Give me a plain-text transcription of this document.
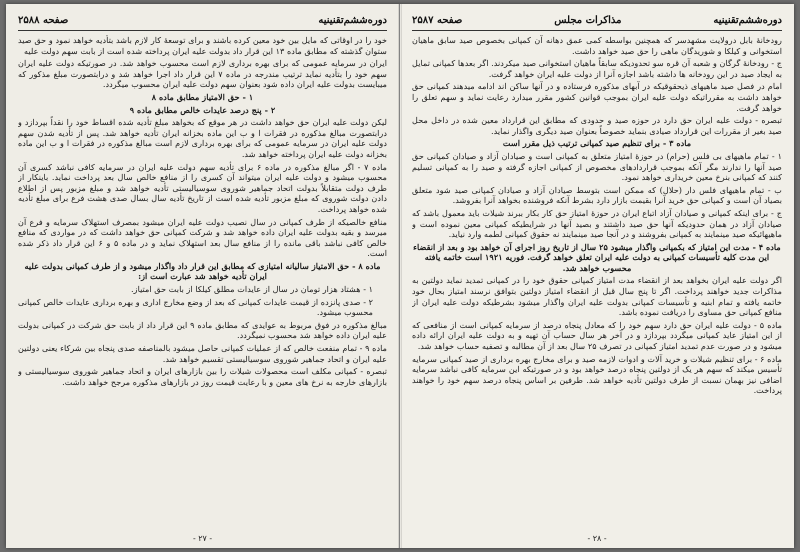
دوره‌ششم‌تقنینیه
صفحه ۲۵۸۸

خود را در اوقاتی که مایل بین خود معین کرده باشند و برای توسعهٔ کار لازم باشد بتأدیه خواهد نمود و حق صید ستوان گذشته که مطابق ماده ۱۳ این قرار داد بدولت علیه ایران پرداخته شده است از بابت سهم دولت علیه

ایران در سرمایه عمومی که برای بهره برداری لازم است محسوب خواهد شد. در صورتیکه دولت علیه ایران سهم خود را بتأدیه نماید ترتیب مندرجه در ماده ۷ این قرار داد اجرا خواهد شد و درابتصورت مبلغ مذکور که میبایست بدولت علیه ایران داده شود بعنوان سهم دولت علیه ایران محسوب میگردد.

۱ - حق الامتیاز مطابق ماده ۸

۲ - پنج درصد عایدات خالص مطابق ماده ۹

لیکن دولت علیه ایران حق خواهد داشت در هر موقع که بخواهد مبلغ تأدیه شده اقساط خود را نقداً بپردازد و درابتصورت مبالغ مذکوره در فقرات ا و ب این ماده بخزانه ایران تأدیه خواهد شد. پس از تأدیه شدن سهم دولت علیه ایران در سرمایه عمومی که برای بهره برداری لازم است مبالغ مذکوره در فقرات ا و ب این ماده بخزانه دولت علیه ایران پرداخته خواهد شد.

ماده ۷ - اگر مبالغ مذکوره در ماده ۶ برای تأدیه سهم دولت علیه ایران در سرمایه کافی نباشد کسری آن محسوب میشود و دولت علیه ایران میتواند آن کسری را از منافع خالص سال بعد پرداخت نماید. باینکار از طرف دولت متقابلاً بدولت اتحاد جماهیر شوروی سوسیالیستی تأدیه خواهد شد و مبلغ مزبور پس از اطلاع دادن دولت شوروی که مبلغ مزبور تأدیه شده است از تاریخ تأدیه سال بسال صدی هشت فرع برای مبلغ تأدیه شده خواهد پرداخت.

منافع خالصیکه از طرف کمپانی در سال نصیب دولت علیه ایران میشود بمصرف استهلاک سرمایه و فرع آن میرسد و بقیه بدولت علیه ایران داده خواهد شد و شرکت کمپانی حق خواهد داشت که در مواردی که منافع خالص کافی نباشد باقی مانده را از منافع سال بعد استهلاک نماید و در ماده ۵ و ۶ این قرار داد ذکر شده است.

ماده ۸ - حق الامتیاز سالیانه امتیازی که مطابق این قرار داد واگذار میشود و از طرف کمپانی بدولت علیه ایران تأدیه خواهد شد عبارت است از:

۱ - هشتاد هزار تومان در سال از عایدات مطلق کیلکا از بابت حق امتیاز.

۲ - صدی پانزده از قیمت عایدات کمپانی که بعد از وضع مخارج اداری و بهره برداری عایدات خالص کمپانی محسوب میشود.

مبالغ مذکوره در فوق مربوط به عوایدی که مطابق ماده ۹ این قرار داد از بابت حق شرکت در کمپانی بدولت علیه ایران داده خواهد شد محسوب نمیگردد.

ماده ۹ - تمام منفعت خالص که از عملیات کمپانی حاصل میشود بالمناصفه صدی پنجاه بین شرکاء یعنی دولتین علیه ایران و اتحاد جماهیر شوروی سوسیالیستی تقسیم خواهد شد.

تبصره - کمپانی مکلف است محصولات شیلات را بین بازارهای ایران و اتحاد جماهیر شوروی سوسیالیستی و بازارهای خارجه به نرخ های معین و با رعایت قیمت روز در بازارهای مذکوره مرجح خواهد داشت.

- ۲۷ -
دوره‌ششم‌تقنینیه
مذاکرات مجلس
صفحه ۲۵۸۷

رودخانهٔ بابل درولایت مشهدسر که همچنین بواسطه کمی عمق دهانه آن کمپانی بخصوص صید سابق ماهیان استخوانی و کیلکا و شوریدگان ماهی را حق صید خواهد داشت.

ج - رودخانهٔ گرگان و شعبه آن قره سو تحدودیکه سابقاً ماهیان استخوانی صید میکردند. اگر بعدها کمپانی تمایل به ایجاد صید در این رودخانه ها داشته باشد اجازه آنرا از دولت علیه ایران خواهد گرفت.

امام در فصل صید ماهیهای ذیحقوقیکه در آبهای مذکوره فرستاده و در آنها ساکن اند ادامه میدهند کمپانی حق خواهد داشت به مقرراتیکه دولت علیه ایران بموجب قوانین کشور مقرر میدارد رعایت نماید و سهم تعلق را خواهد گرفت.

تبصره - دولت علیه ایران حق دارد در حوزه صید و حدودی که مطابق این قرارداد معین شده در داخل محل صید بغیر از مقررات این قرارداد صیادی بنماید خصوصاً بعنوان صید دیگری واگذار نماید.

ماده ۳ - برای تنظیم صید کمپانی ترتیب ذیل مقرر است

۱ - تمام ماهیهای بی فلس (حرام) در حوزهٔ امتیاز متعلق به کمپانی است و صیادان آزاد و صیادان کمپانی حق صید آنها را ندارند مگر آنکه بموجب قراردادهای مخصوص از کمپانی اجازه گرفته و صید را به کمپانی تسلیم کنند که کمپانی بنرخ معین خریداری خواهد نمود.

ب - تمام ماهیهای فلس دار (حلال) که ممکن است بتوسط صیادان آزاد و صیادان کمپانی صید شود متعلق بصیاد آن است و کمپانی حق خرید آنرا بقیمت بازار دارد بشرط آنکه فروشنده بخواهد آنرا بفروشد.

ج - برای اینکه کمپانی و صیادان آزاد اتباع ایران در حوزهٔ امتیاز حق کار بکار ببرند شیلات باید معمول باشد که صیادان آزاد در همان حدودیکه آنها حق صید داشتند و بصید آنها در شرایطیکه کمپانی معین نموده است و ماهیهائیکه صید مینمایند به کمپانی بفروشند و در آنجا صید مینمایند نه حقوق کمپانی لطمه وارد نیاید.

ماده ۴ - مدت این امتیاز که بکمپانی واگذار میشود ۲۵ سال از تاریخ روز اجرای آن خواهد بود و بعد از انقضاء این مدت کلیه تأسیسات کمپانی به دولت علیه ایران تعلق خواهد گرفت. فوریه ۱۹۲۱ است خاتمه یافته محسوب خواهد شد.

اگر دولت علیه ایران بخواهد بعد از انقضاء مدت امتیاز کمپانی حقوق خود را در کمپانی تمدید نماید دولتین به مذاکرات جدید خواهند پرداخت. اگر تا پنج سال قبل از انقضاء امتیاز دولتین بتوافق نرسند امتیاز بحال خود خاتمه یافته و تمام ابنیه و تأسیسات کمپانی بدولت علیه ایران واگذار میشود بشرطیکه دولت علیه ایران از منافع کمپانی حق مساوی را دریافت نموده باشد.

ماده ۵ - دولت علیه ایران حق دارد سهم خود را که معادل پنجاه درصد از سرمایه کمپانی است از منافعی که از این امتیاز عاید کمپانی میگردد بپردازد و در آخر هر سال حساب آن تهیه و به دولت علیه ایران ارائه داده میشود و در صورت عدم تمدید امتیاز کمپانی در تصرف ۲۵ سال بعد از آن مطالبه و تصفیه حساب خواهد شد.

ماده ۶ - برای تنظیم شیلات و خرید آلات و ادوات لازمه صید و برای مخارج بهره برداری از صید کمپانی سرمایه تأسیس میکند که سهم هر یک از دولتین پنجاه درصد خواهد بود و در صورتیکه این سرمایه کافی نباشد سرمایه اضافی نیز بهمان نسبت از طرف دولتین تأدیه خواهد شد. طرفین بر اساس پنجاه درصد سهم خود را خواهند پرداخت.

- ۲۸ -
